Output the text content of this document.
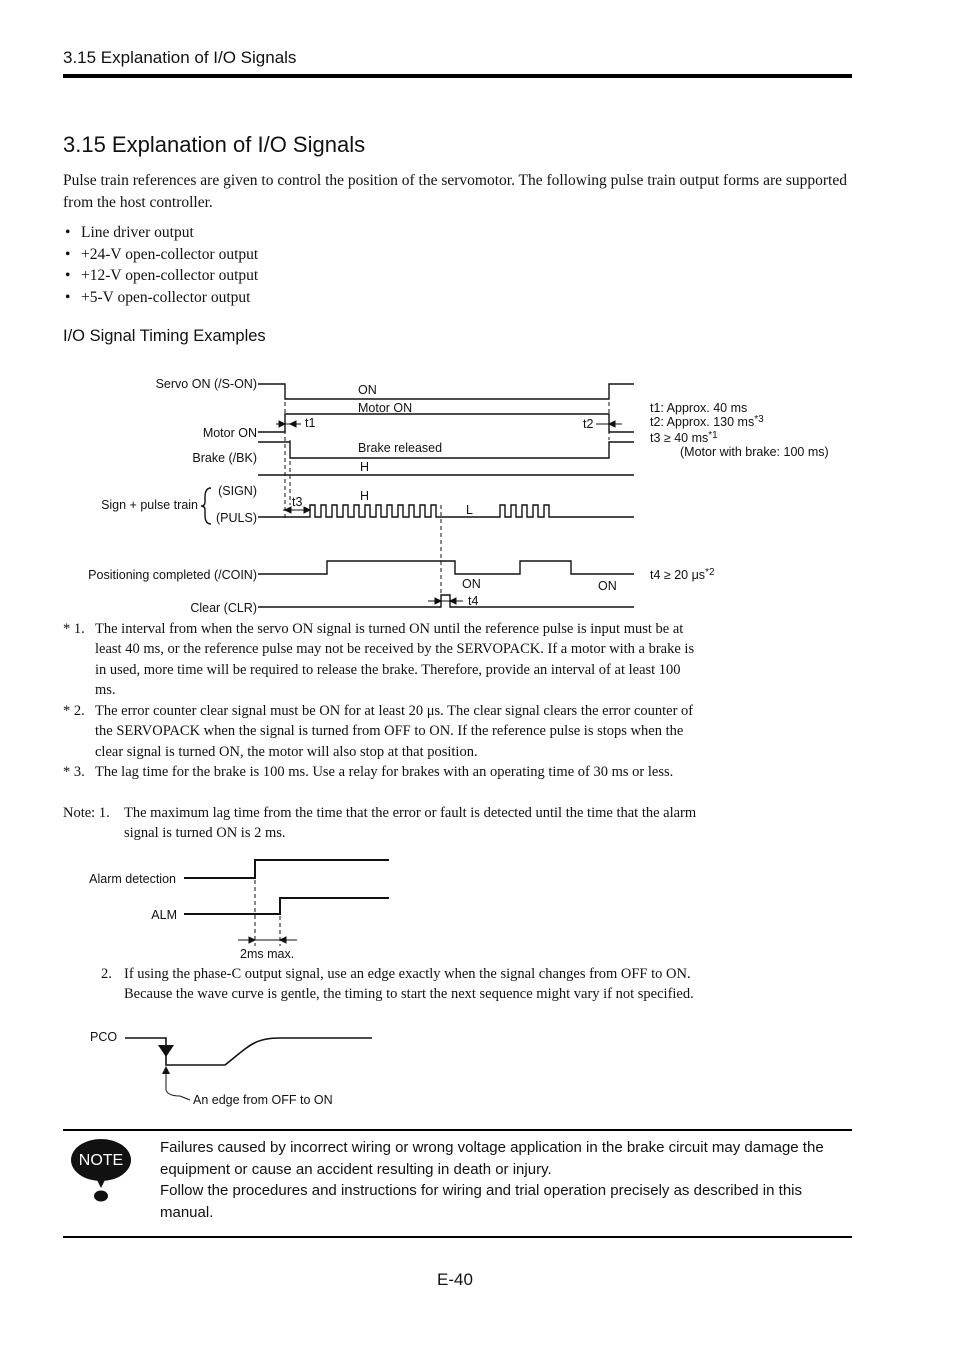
3.15 Explanation of I/O Signals
3.15 Explanation of I/O Signals
Pulse train references are given to control the position of the servomotor. The following pulse train output forms are supported from the host controller.
• Line driver output
• +24-V open-collector output
• +12-V open-collector output
• +5-V open-collector output
I/O Signal Timing Examples
Servo ON (/S-ON)
Motor ON
Brake (/BK)
(SIGN)
(PULS)
Sign + pulse train
Positioning completed (/COIN)
Clear (CLR)
ON
Motor ON
Brake released
H
H
L
ON	ON
t1	t2
t3
t4
t1: Approx. 40 ms
t2: Approx. 130 $ms^{*3}$
t3 ≥ 40 $ms^{*1}$
(Motor with brake: 100 ms)
t4 ≥ 20 $\mu s^{*2}$
* 1. The interval from when the servo ON signal is turned ON until the reference pulse is input must be at least 40 ms, or the reference pulse may not be received by the SERVOPACK. If a motor with a brake is in used, more time will be required to release the brake. Therefore, provide an interval of at least 100 ms.
* 2. The error counter clear signal must be ON for at least 20 μs. The clear signal clears the error counter of the SERVOPACK when the signal is turned from OFF to ON. If the reference pulse is stops when the clear signal is turned ON, the motor will also stop at that position.
* 3. The lag time for the brake is 100 ms. Use a relay for brakes with an operating time of 30 ms or less.
Note: 1. The maximum lag time from the time that the error or fault is detected until the time that the alarm signal is turned ON is 2 ms.
Alarm detection
ALM
2ms max.
2. If using the phase-C output signal, use an edge exactly when the signal changes from OFF to ON. Because the wave curve is gentle, the timing to start the next sequence might vary if not specified.
PCO
An edge from OFF to ON
NOTE
Failures caused by incorrect wiring or wrong voltage application in the brake circuit may damage the equipment or cause an accident resulting in death or injury.
Follow the procedures and instructions for wiring and trial operation precisely as described in this manual.
E-40
